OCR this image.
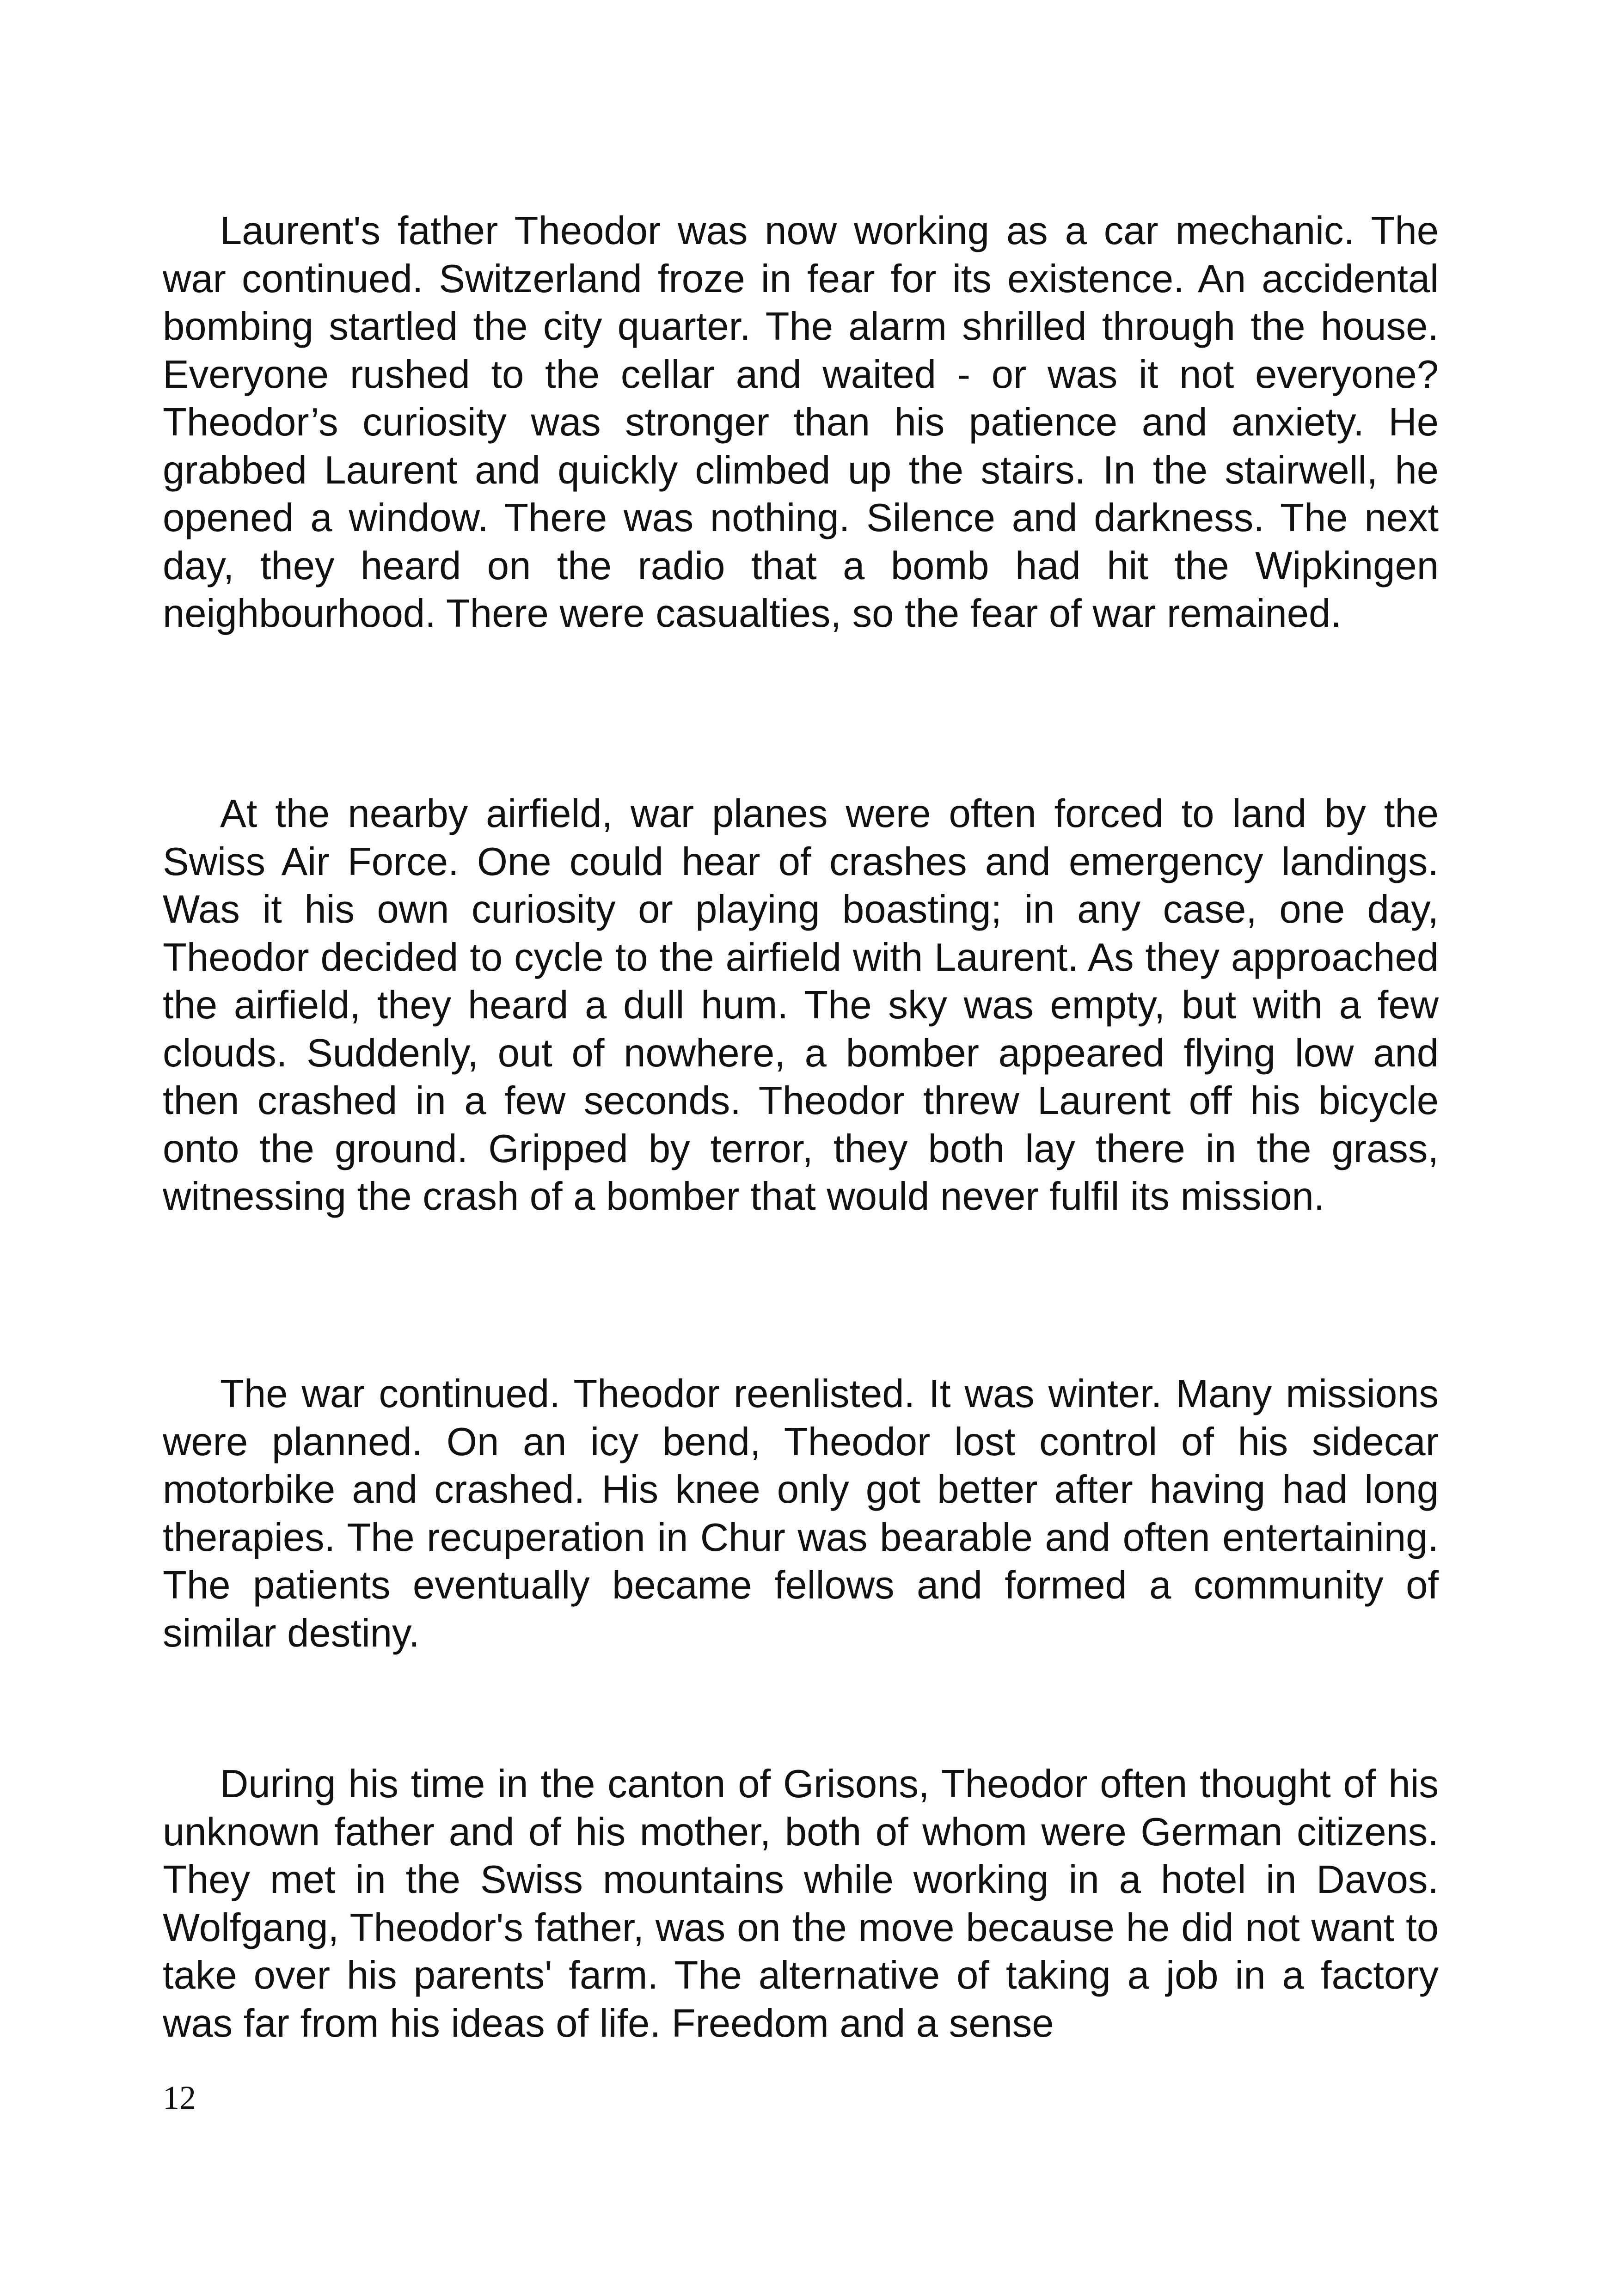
Laurent's father Theodor was now working as a car mechanic. The war continued. Switzerland froze in fear for its existence. An accidental bombing startled the city quarter. The alarm shrilled through the house. Everyone rushed to the cellar and waited - or was it not everyone? Theodor’s curiosity was stronger than his patience and anxiety. He grabbed Laurent and quickly climbed up the stairs. In the stairwell, he opened a window. There was nothing. Silence and darkness. The next day, they heard on the radio that a bomb had hit the Wipkingen neighbourhood. There were casualties, so the fear of war remained.

At the nearby airfield, war planes were often forced to land by the Swiss Air Force. One could hear of crashes and emergency landings. Was it his own curiosity or playing boasting; in any case, one day, Theodor decided to cycle to the airfield with Laurent. As they approached the airfield, they heard a dull hum. The sky was empty, but with a few clouds. Suddenly, out of nowhere, a bomber appeared flying low and then crashed in a few seconds. Theodor threw Laurent off his bicycle onto the ground. Gripped by terror, they both lay there in the grass, witnessing the crash of a bomber that would never fulfil its mission.

The war continued. Theodor reenlisted. It was winter. Many missions were planned. On an icy bend, Theodor lost control of his sidecar motorbike and crashed. His knee only got better after having had long therapies. The recuperation in Chur was bearable and often entertaining. The patients eventually became fellows and formed a community of similar destiny.

During his time in the canton of Grisons, Theodor often thought of his unknown father and of his mother, both of whom were German citizens. They met in the Swiss mountains while working in a hotel in Davos. Wolfgang, Theodor's father, was on the move because he did not want to take over his parents' farm. The alternative of taking a job in a factory was far from his ideas of life. Freedom and a sense

12
